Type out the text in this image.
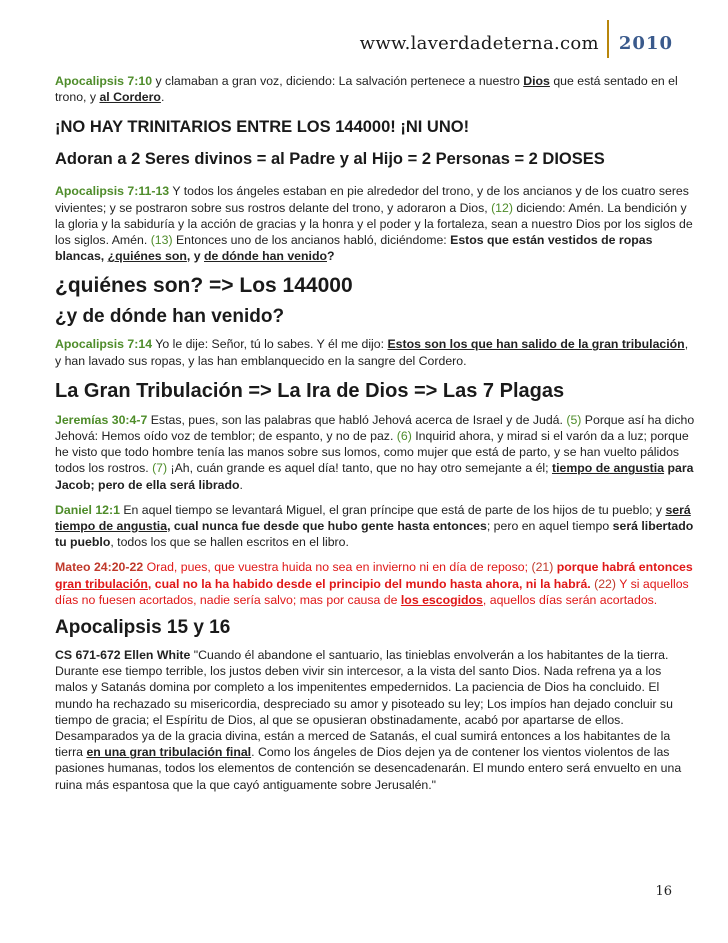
www.laverdadeterna.com	2010

Apocalipsis 7:10 y clamaban a gran voz, diciendo: La salvación pertenece a nuestro Dios que está sentado en el trono, y al Cordero.

¡NO HAY TRINITARIOS ENTRE LOS 144000! ¡NI UNO!
Adoran a 2 Seres divinos = al Padre y al Hijo = 2 Personas = 2 DIOSES

Apocalipsis 7:11-13 Y todos los ángeles estaban en pie alrededor del trono, y de los ancianos y de los cuatro seres vivientes; y se postraron sobre sus rostros delante del trono, y adoraron a Dios, (12) diciendo: Amén. La bendición y la gloria y la sabiduría y la acción de gracias y la honra y el poder y la fortaleza, sean a nuestro Dios por los siglos de los siglos. Amén. (13) Entonces uno de los ancianos habló, diciéndome: Estos que están vestidos de ropas blancas, ¿quiénes son, y de dónde han venido?

¿quiénes son? => Los 144000
¿y de dónde han venido?

Apocalipsis 7:14 Yo le dije: Señor, tú lo sabes. Y él me dijo: Estos son los que han salido de la gran tribulación, y han lavado sus ropas, y las han emblanquecido en la sangre del Cordero.

La Gran Tribulación => La Ira de Dios => Las 7 Plagas

Jeremías 30:4-7 Estas, pues, son las palabras que habló Jehová acerca de Israel y de Judá. (5) Porque así ha dicho Jehová: Hemos oído voz de temblor; de espanto, y no de paz. (6) Inquirid ahora, y mirad si el varón da a luz; porque he visto que todo hombre tenía las manos sobre sus lomos, como mujer que está de parto, y se han vuelto pálidos todos los rostros. (7) ¡Ah, cuán grande es aquel día! tanto, que no hay otro semejante a él; tiempo de angustia para Jacob; pero de ella será librado.

Daniel 12:1 En aquel tiempo se levantará Miguel, el gran príncipe que está de parte de los hijos de tu pueblo; y será tiempo de angustia, cual nunca fue desde que hubo gente hasta entonces; pero en aquel tiempo será libertado tu pueblo, todos los que se hallen escritos en el libro.

Mateo 24:20-22 Orad, pues, que vuestra huida no sea en invierno ni en día de reposo; (21) porque habrá entonces gran tribulación, cual no la ha habido desde el principio del mundo hasta ahora, ni la habrá. (22) Y si aquellos días no fuesen acortados, nadie sería salvo; mas por causa de los escogidos, aquellos días serán acortados.

Apocalipsis 15 y 16

CS 671-672 Ellen White "Cuando él abandone el santuario, las tinieblas envolverán a los habitantes de la tierra. Durante ese tiempo terrible, los justos deben vivir sin intercesor, a la vista del santo Dios. Nada refrena ya a los malos y Satanás domina por completo a los impenitentes empedernidos. La paciencia de Dios ha concluido. El mundo ha rechazado su misericordia, despreciado su amor y pisoteado su ley; Los impíos han dejado concluir su tiempo de gracia; el Espíritu de Dios, al que se opusieran obstinadamente, acabó por apartarse de ellos. Desamparados ya de la gracia divina, están a merced de Satanás, el cual sumirá entonces a los habitantes de la tierra en una gran tribulación final. Como los ángeles de Dios dejen ya de contener los vientos violentos de las pasiones humanas, todos los elementos de contención se desencadenarán. El mundo entero será envuelto en una ruina más espantosa que la que cayó antiguamente sobre Jerusalén."

16
